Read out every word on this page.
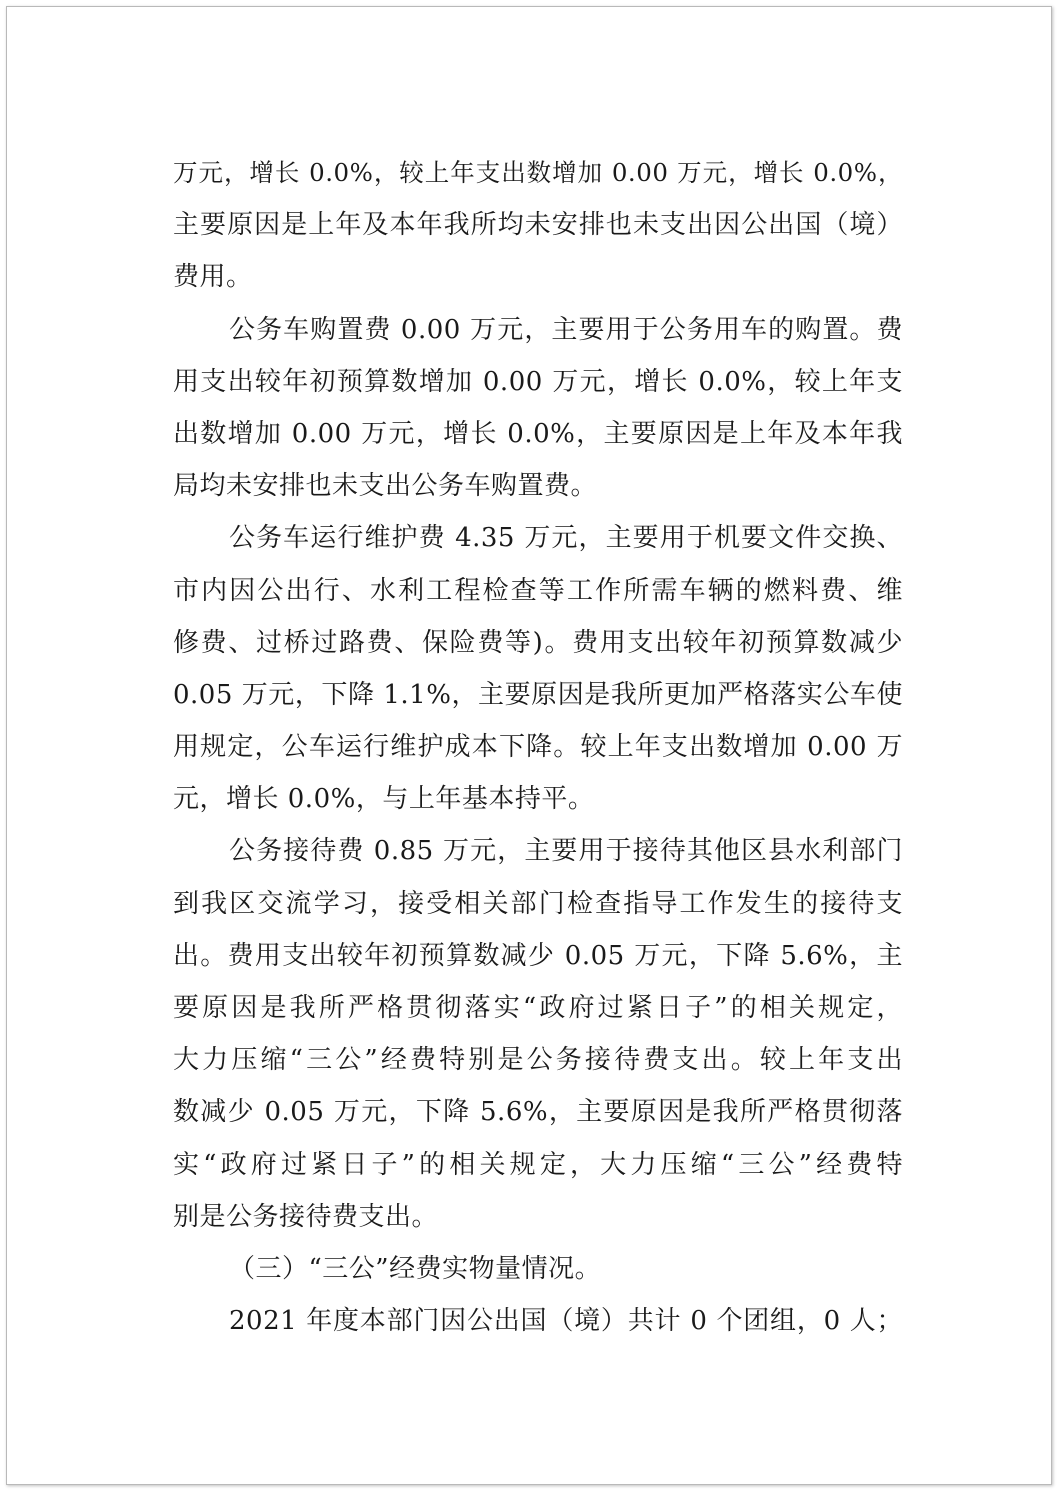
万元，增长 0.0%，较上年支出数增加 0.00 万元，增长 0.0%，
主要原因是上年及本年我所均未安排也未支出因公出国（境）
费用。
公务车购置费 0.00 万元，主要用于公务用车的购置。费
用支出较年初预算数增加 0.00 万元，增长 0.0%，较上年支
出数增加 0.00 万元，增长 0.0%，主要原因是上年及本年我
局均未安排也未支出公务车购置费。
公务车运行维护费 4.35 万元，主要用于机要文件交换、
市内因公出行、水利工程检查等工作所需车辆的燃料费、维
修费、过桥过路费、保险费等)。费用支出较年初预算数减少
0.05 万元，下降 1.1%，主要原因是我所更加严格落实公车使
用规定，公车运行维护成本下降。较上年支出数增加 0.00 万
元，增长 0.0%，与上年基本持平。
公务接待费 0.85 万元，主要用于接待其他区县水利部门
到我区交流学习，接受相关部门检查指导工作发生的接待支
出。费用支出较年初预算数减少 0.05 万元，下降 5.6%，主
要原因是我所严格贯彻落实“政府过紧日子”的相关规定，
大力压缩“三公”经费特别是公务接待费支出。较上年支出
数减少 0.05 万元，下降 5.6%，主要原因是我所严格贯彻落
实“政府过紧日子”的相关规定，大力压缩“三公”经费特
别是公务接待费支出。
（三）“三公”经费实物量情况。
2021 年度本部门因公出国（境）共计 0 个团组，0 人；
